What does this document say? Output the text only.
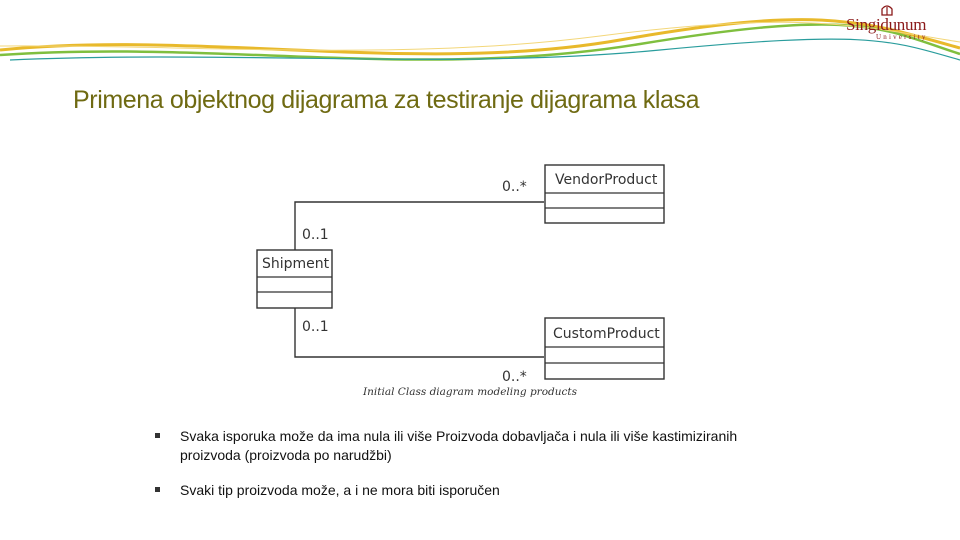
Singidunum
University
Primena objektnog dijagrama za testiranje dijagrama klasa
VendorProduct
Shipment
CustomProduct
0..*
0..1
0..1
0..*
Initial Class diagram modeling products
Svaka isporuka može da ima nula ili više Proizvoda dobavljača i nula ili više kastimiziranih proizvoda (proizvoda po narudžbi)
Svaki tip proizvoda može, a i ne mora biti isporučen
